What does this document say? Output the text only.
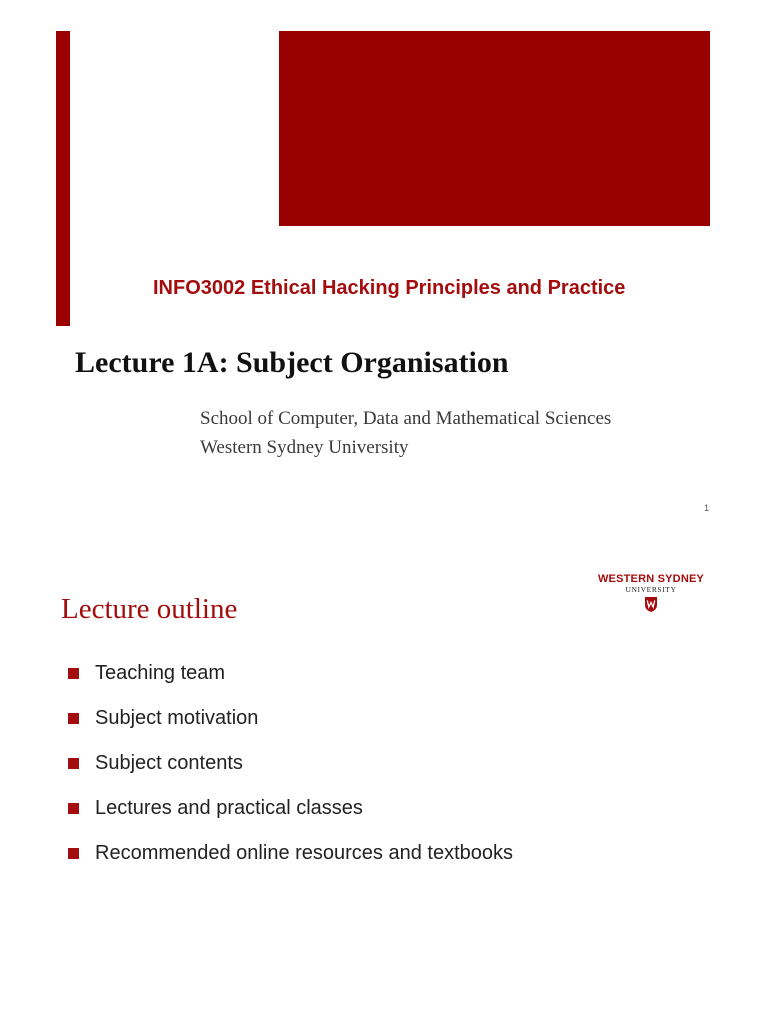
INFO3002 Ethical Hacking Principles and Practice
Lecture 1A: Subject Organisation
School of Computer, Data and Mathematical Sciences
Western Sydney University
1
WESTERN SYDNEY
UNIVERSITY
Lecture outline
Teaching team
Subject motivation
Subject contents
Lectures and practical classes
Recommended online resources and textbooks
